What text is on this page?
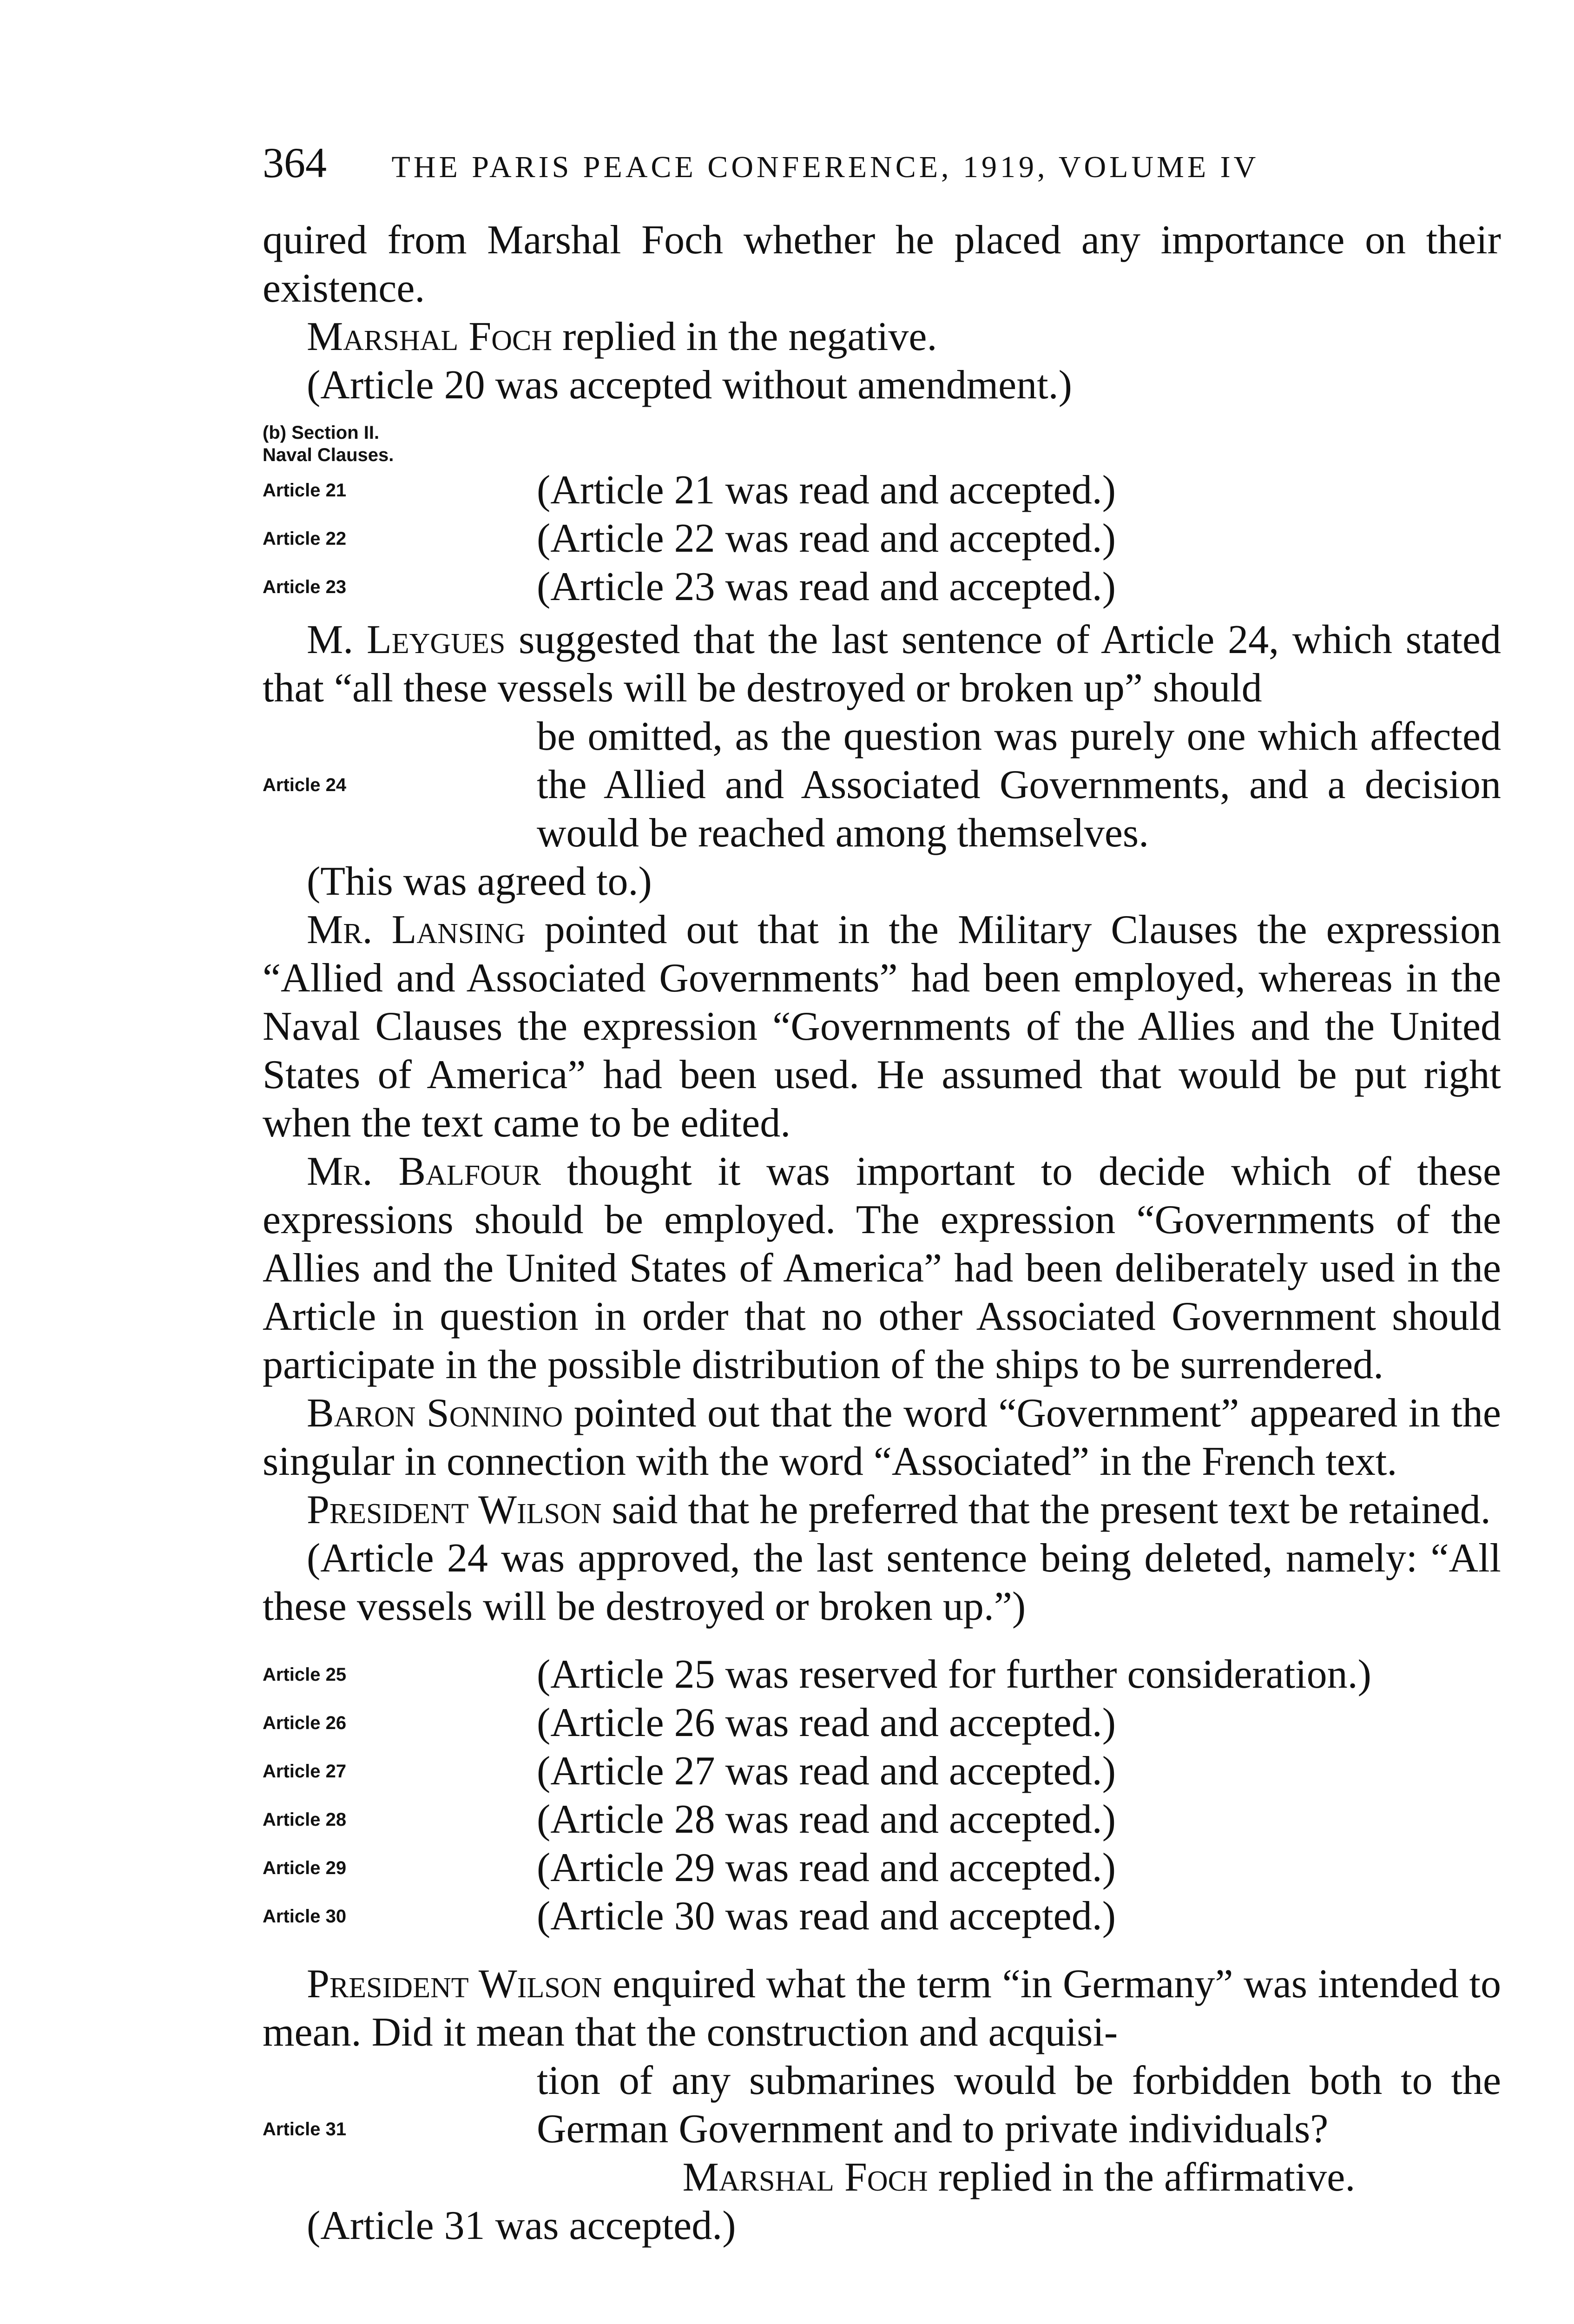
364 THE PARIS PEACE CONFERENCE, 1919, VOLUME IV

quired from Marshal Foch whether he placed any importance on their existence.

Marshal Foch replied in the negative.

(Article 20 was accepted without amendment.)

(b) Section II.
Naval Clauses.
Article 21	(Article 21 was read and accepted.)
Article 22	(Article 22 was read and accepted.)
Article 23	(Article 23 was read and accepted.)

M. Leygues suggested that the last sentence of Article 24, which stated that “all these vessels will be destroyed or broken up” should

Article 24

be omitted, as the question was purely one which affected the Allied and Associated Governments, and a decision would be reached among themselves.

(This was agreed to.)

Mr. Lansing pointed out that in the Military Clauses the expression “Allied and Associated Governments” had been employed, whereas in the Naval Clauses the expression “Governments of the Allies and the United States of America” had been used. He assumed that would be put right when the text came to be edited.

Mr. Balfour thought it was important to decide which of these expressions should be employed. The expression “Governments of the Allies and the United States of America” had been deliberately used in the Article in question in order that no other Associated Government should participate in the possible distribution of the ships to be surrendered.

Baron Sonnino pointed out that the word “Government” appeared in the singular in connection with the word “Associated” in the French text.

President Wilson said that he preferred that the present text be retained.

(Article 24 was approved, the last sentence being deleted, namely: “All these vessels will be destroyed or broken up.”)

Article 25	(Article 25 was reserved for further consideration.)
Article 26	(Article 26 was read and accepted.)
Article 27	(Article 27 was read and accepted.)
Article 28	(Article 28 was read and accepted.)
Article 29	(Article 29 was read and accepted.)
Article 30	(Article 30 was read and accepted.)

President Wilson enquired what the term “in Germany” was intended to mean. Did it mean that the construction and acquisi-

Article 31

tion of any submarines would be forbidden both to the German Government and to private individuals?

Marshal Foch replied in the affirmative.

(Article 31 was accepted.)
